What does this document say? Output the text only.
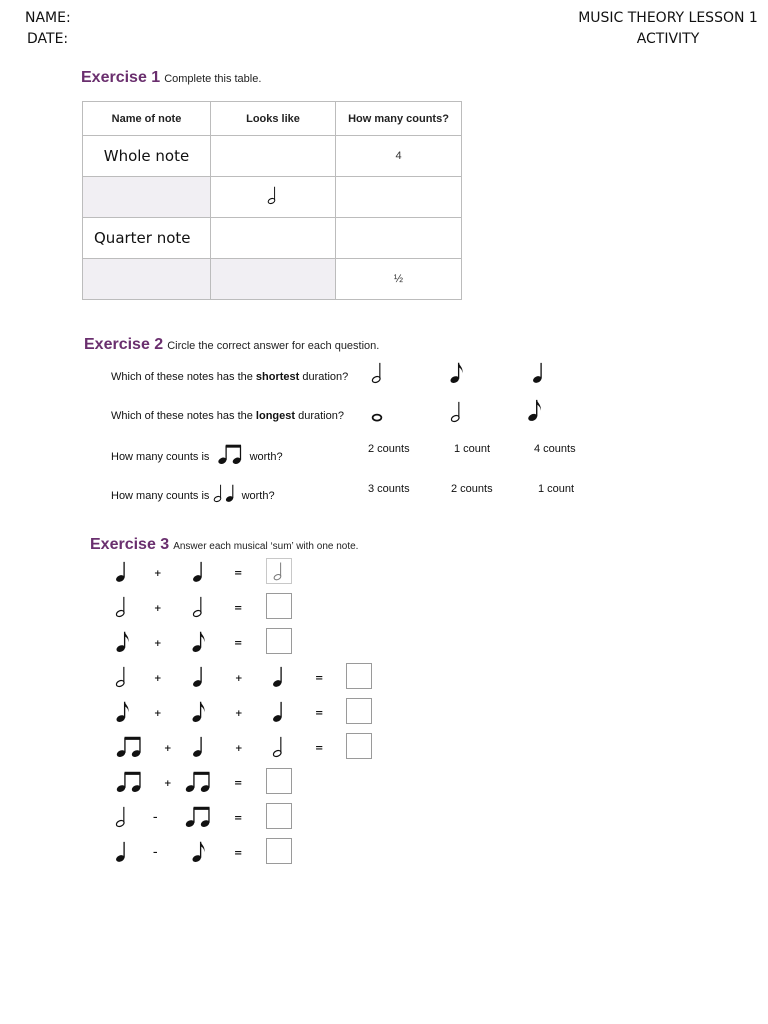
NAME:
DATE:
MUSIC THEORY LESSON 1
ACTIVITY
Exercise 1 Complete this table.
Name of note	Looks like	How many counts?
Whole note		4

Quarter note		
		½
Exercise 2 Circle the correct answer for each question.
Which of these notes has the shortest duration?
Which of these notes has the longest duration?
How many counts is	worth?
2 counts	1 count	4 counts
How many counts is	worth?
3 counts	2 counts	1 count
Exercise 3 Answer each musical ‘sum’ with one note.
+	=
+	=
+	=
+	+	=
+	+	=
+	+	=
+	=
–	=
–	=
